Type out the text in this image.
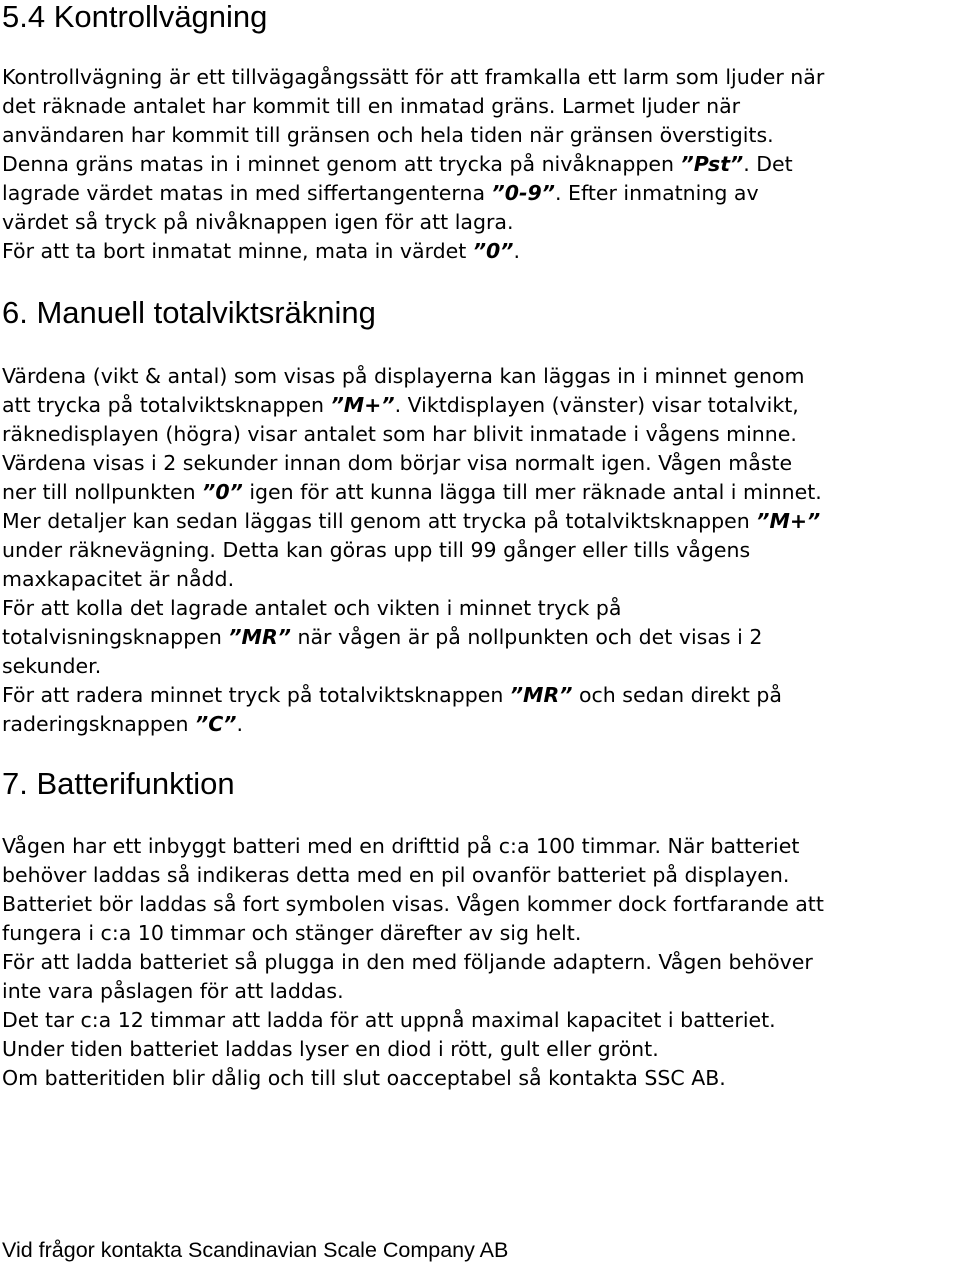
5.4 Kontrollvägning

Kontrollvägning är ett tillvägagångssätt för att framkalla ett larm som ljuder när
det räknade antalet har kommit till en inmatad gräns. Larmet ljuder när
användaren har kommit till gränsen och hela tiden när gränsen överstigits.
Denna gräns matas in i minnet genom att trycka på nivåknappen ”Pst”. Det
lagrade värdet matas in med siffertangenterna ”0-9”. Efter inmatning av
värdet så tryck på nivåknappen igen för att lagra.
För att ta bort inmatat minne, mata in värdet ”0”.

6. Manuell totalviktsräkning

Värdena (vikt & antal) som visas på displayerna kan läggas in i minnet genom
att trycka på totalviktsknappen ”M+”. Viktdisplayen (vänster) visar totalvikt,
räknedisplayen (högra) visar antalet som har blivit inmatade i vågens minne.
Värdena visas i 2 sekunder innan dom börjar visa normalt igen. Vågen måste
ner till nollpunkten ”0” igen för att kunna lägga till mer räknade antal i minnet.
Mer detaljer kan sedan läggas till genom att trycka på totalviktsknappen ”M+”
under räknevägning. Detta kan göras upp till 99 gånger eller tills vågens
maxkapacitet är nådd.
För att kolla det lagrade antalet och vikten i minnet tryck på
totalvisningsknappen ”MR” när vågen är på nollpunkten och det visas i 2
sekunder.
För att radera minnet tryck på totalviktsknappen ”MR” och sedan direkt på
raderingsknappen ”C”.

7. Batterifunktion

Vågen har ett inbyggt batteri med en drifttid på c:a 100 timmar. När batteriet
behöver laddas så indikeras detta med en pil ovanför batteriet på displayen.
Batteriet bör laddas så fort symbolen visas. Vågen kommer dock fortfarande att
fungera i c:a 10 timmar och stänger därefter av sig helt.
För att ladda batteriet så plugga in den med följande adaptern. Vågen behöver
inte vara påslagen för att laddas.
Det tar c:a 12 timmar att ladda för att uppnå maximal kapacitet i batteriet.
Under tiden batteriet laddas lyser en diod i rött, gult eller grönt.
Om batteritiden blir dålig och till slut oacceptabel så kontakta SSC AB.

Vid frågor kontakta Scandinavian Scale Company AB
